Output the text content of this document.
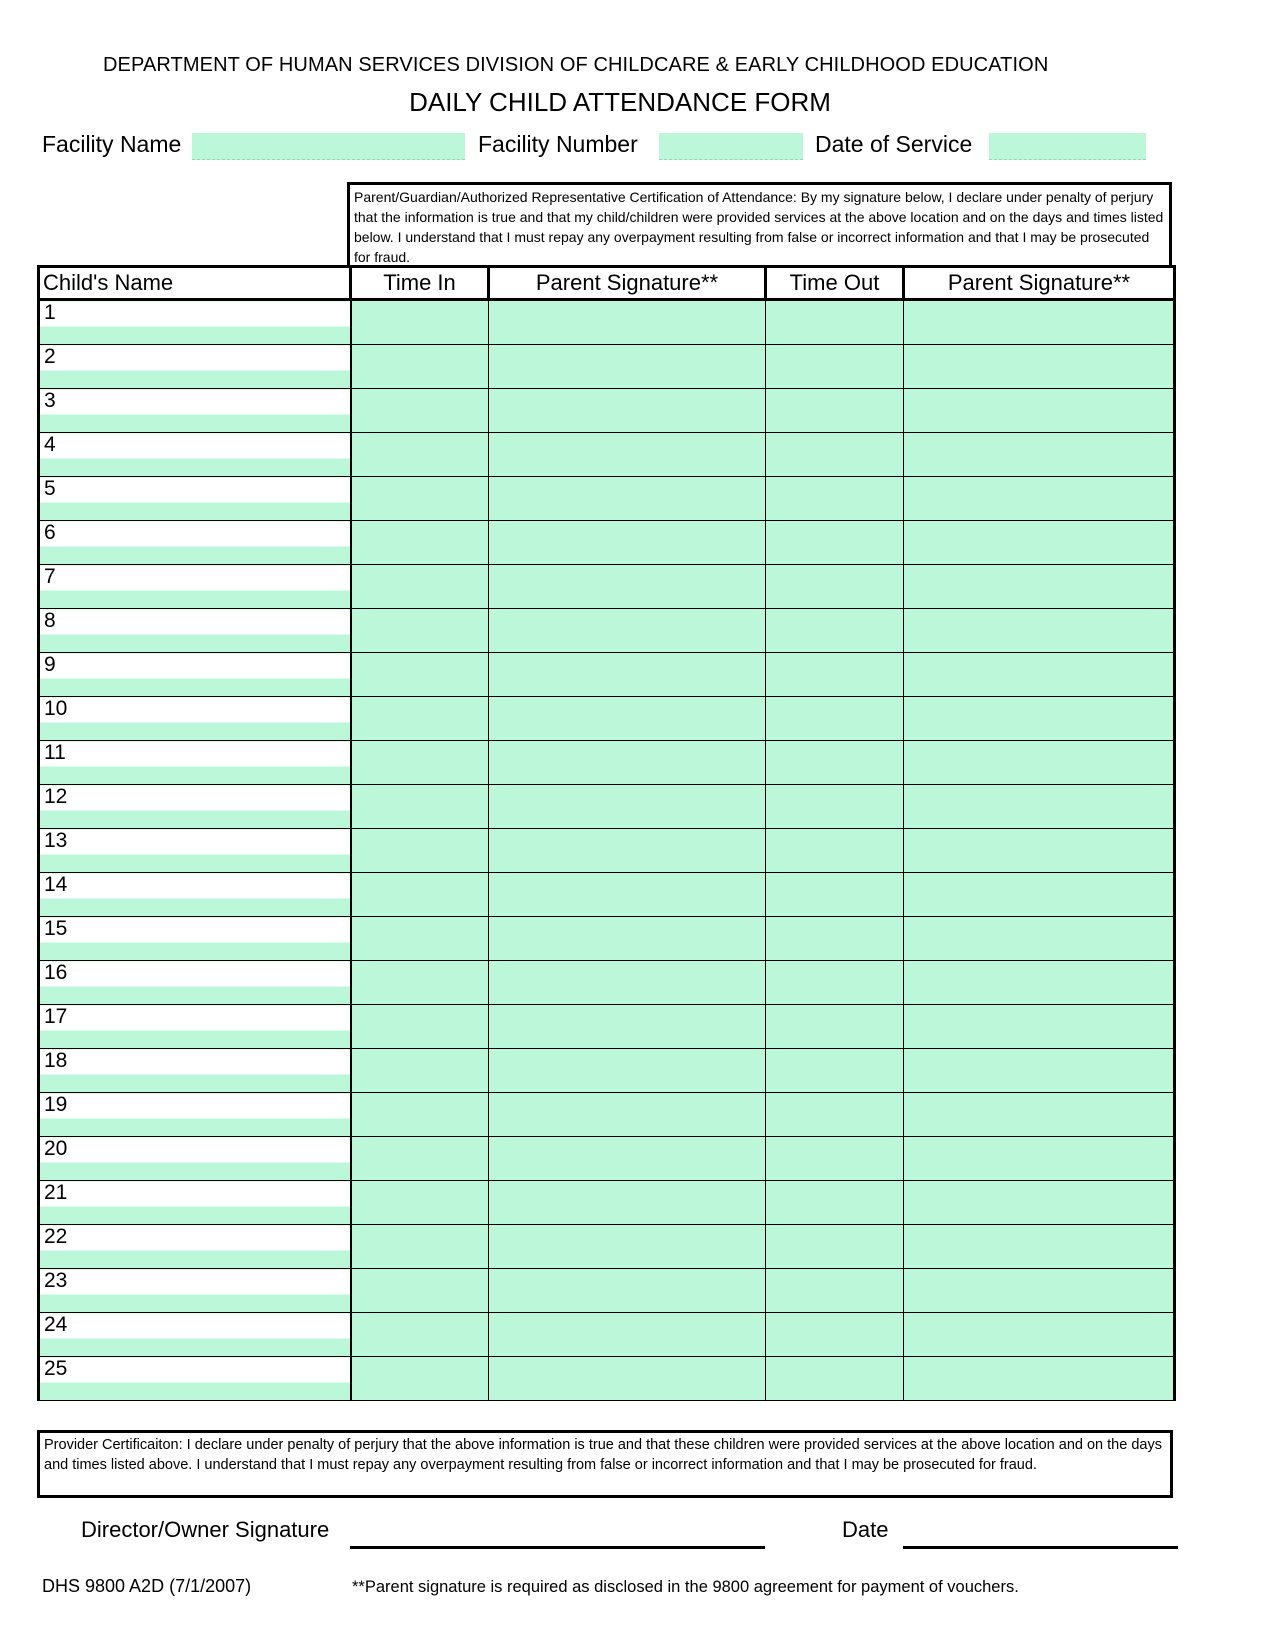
DEPARTMENT OF HUMAN SERVICES DIVISION OF CHILDCARE & EARLY CHILDHOOD EDUCATION
DAILY CHILD ATTENDANCE FORM
Facility Name	Facility Number	Date of Service
Parent/Guardian/Authorized Representative Certification of Attendance: By my signature below, I declare under penalty of perjury that the information is true and that my child/children were provided services at the above location and on the days and times listed below. I understand that I must repay any overpayment resulting from false or incorrect information and that I may be prosecuted for fraud.
Child's Name	Time In	Parent Signature**	Time Out	Parent Signature**
1				
2				
3				
4				
5				
6				
7				
8				
9				
10				
11				
12				
13				
14				
15				
16				
17				
18				
19				
20				
21				
22				
23				
24				
25				
Provider Certificaiton: I declare under penalty of perjury that the above information is true and that these children were provided services at the above location and on the days and times listed above. I understand that I must repay any overpayment resulting from false or incorrect information and that I may be prosecuted for fraud.
Director/Owner Signature	Date
DHS 9800 A2D (7/1/2007)	**Parent signature is required as disclosed in the 9800 agreement for payment of vouchers.
